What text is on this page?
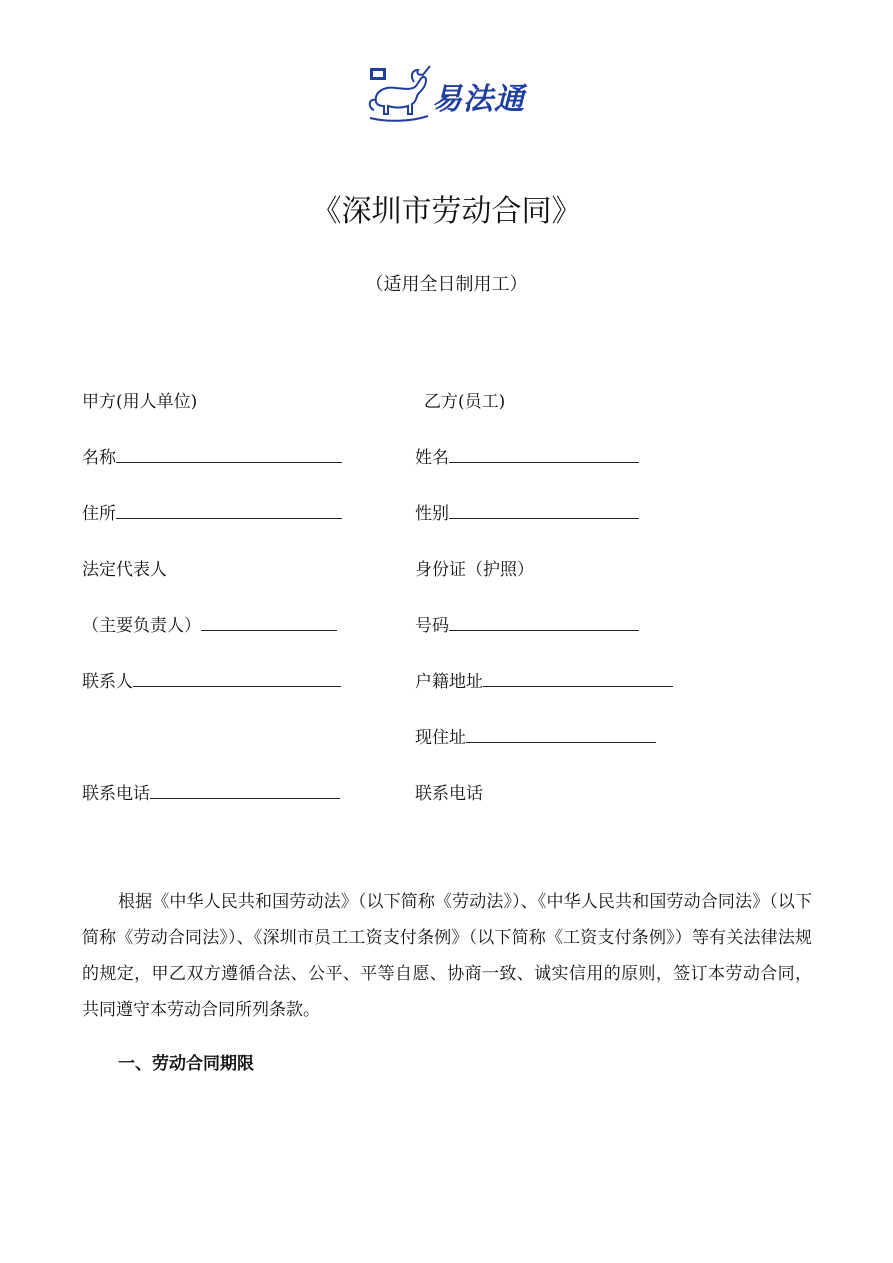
易法通
《深圳市劳动合同》
（适用全日制用工）
甲方(用人单位)
名称
住所
法定代表人
（主要负责人）
联系人
联系电话
乙方(员工)
姓名
性别
身份证（护照）
号码
户籍地址
现住址
联系电话
根据《中华人民共和国劳动法》（以下简称《劳动法》）、《中华人民共和国劳动合同法》（以下简称《劳动合同法》）、《深圳市员工工资支付条例》（以下简称《工资支付条例》）等有关法律法规的规定，甲乙双方遵循合法、公平、平等自愿、协商一致、诚实信用的原则，签订本劳动合同，共同遵守本劳动合同所列条款。
一、劳动合同期限
